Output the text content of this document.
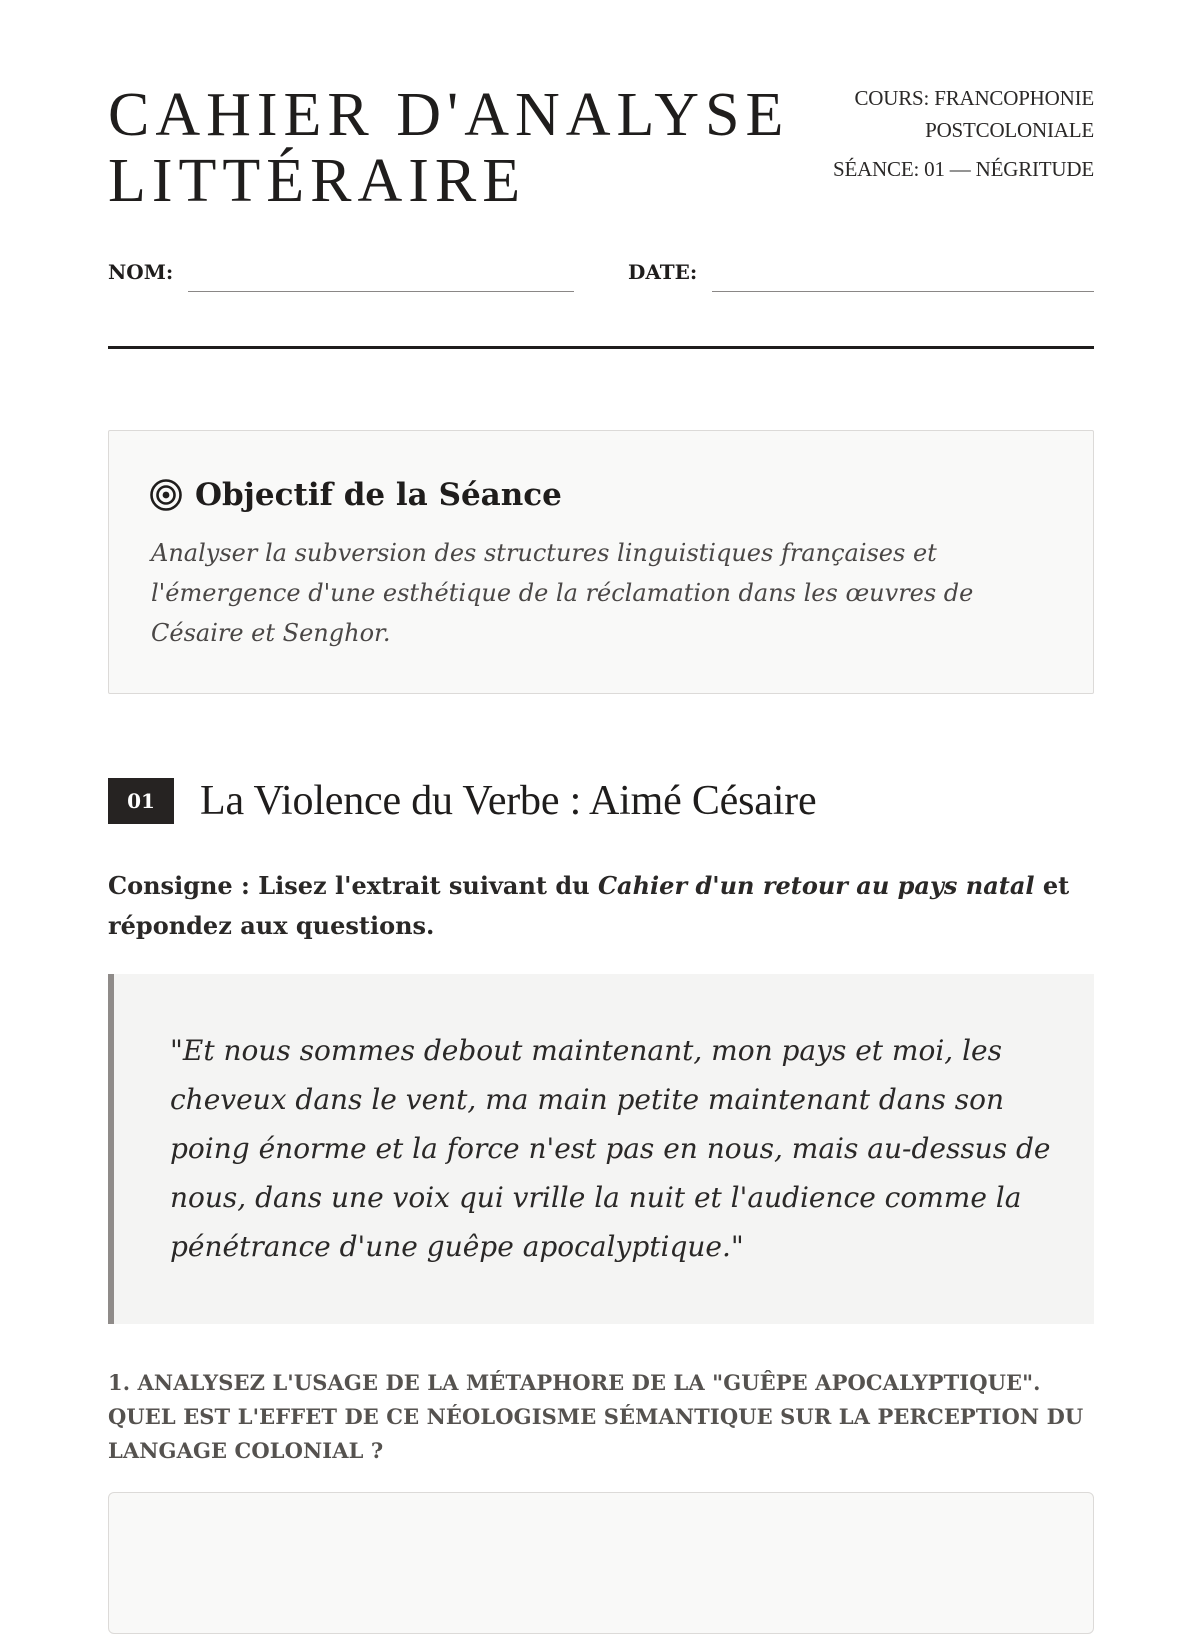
CAHIER D'ANALYSE
LITTÉRAIRE
COURS: FRANCOPHONIE
POSTCOLONIALE
SÉANCE: 01 — NÉGRITUDE
NOM:	DATE:
Objectif de la Séance

Analyser la subversion des structures linguistiques françaises et l'émergence d'une esthétique de la réclamation dans les œuvres de Césaire et Senghor.

01	La Violence du Verbe : Aimé Césaire

Consigne : Lisez l'extrait suivant du Cahier d'un retour au pays natal et répondez aux questions.

"Et nous sommes debout maintenant, mon pays et moi, les cheveux dans le vent, ma main petite maintenant dans son poing énorme et la force n'est pas en nous, mais au-dessus de nous, dans une voix qui vrille la nuit et l'audience comme la pénétrance d'une guêpe apocalyptique."

1. ANALYSEZ L'USAGE DE LA MÉTAPHORE DE LA "GUÊPE APOCALYPTIQUE". QUEL EST L'EFFET DE CE NÉOLOGISME SÉMANTIQUE SUR LA PERCEPTION DU LANGAGE COLONIAL ?
